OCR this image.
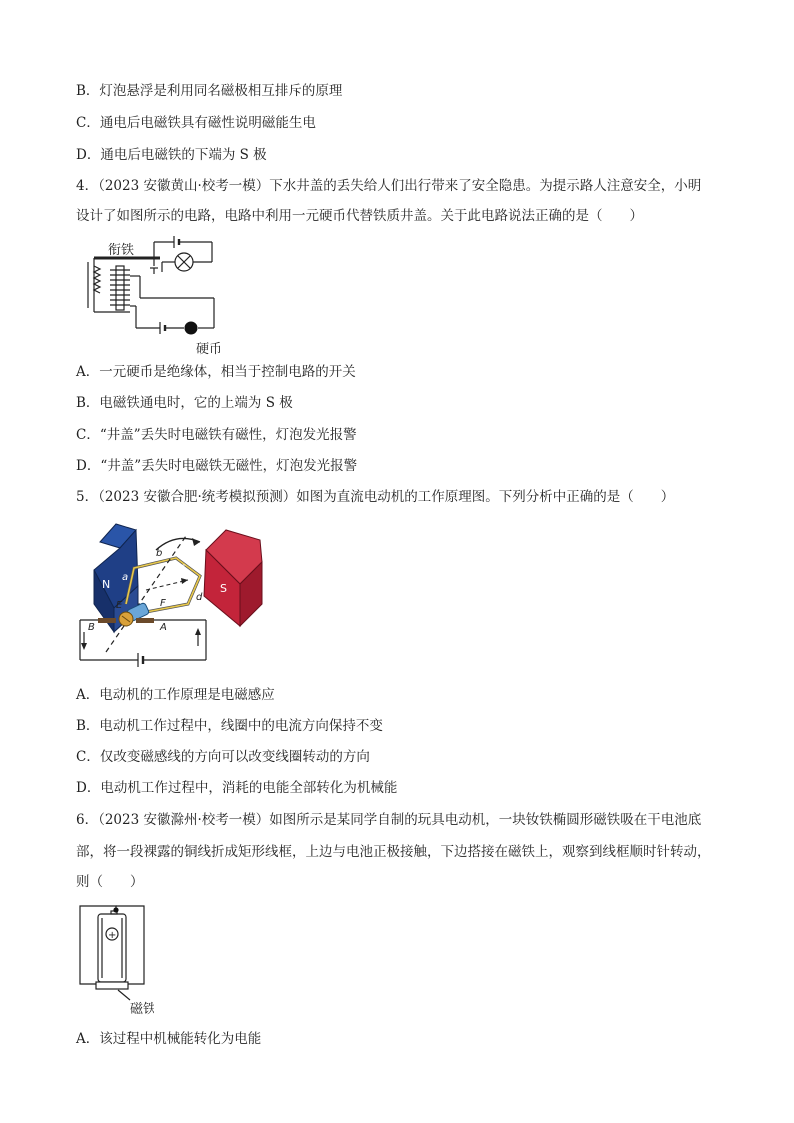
B．灯泡悬浮是利用同名磁极相互排斥的原理
C．通电后电磁铁具有磁性说明磁能生电
D．通电后电磁铁的下端为 S 极
4．（2023 安徽黄山·校考一模）下水井盖的丢失给人们出行带来了安全隐患。为提示路人注意安全，小明
设计了如图所示的电路，电路中利用一元硬币代替铁质井盖。关于此电路说法正确的是（　　）
衔铁
硬币
A．一元硬币是绝缘体，相当于控制电路的开关
B．电磁铁通电时，它的上端为 S 极
C．“井盖”丢失时电磁铁有磁性，灯泡发光报警
D．“井盖”丢失时电磁铁无磁性，灯泡发光报警
5．（2023 安徽合肥·统考模拟预测）如图为直流电动机的工作原理图。下列分析中正确的是（　　）
N	S
a
b
c
d
E	F
A
B
A．电动机的工作原理是电磁感应
B．电动机工作过程中，线圈中的电流方向保持不变
C．仅改变磁感线的方向可以改变线圈转动的方向
D．电动机工作过程中，消耗的电能全部转化为机械能
6．（2023 安徽滁州·校考一模）如图所示是某同学自制的玩具电动机，一块钕铁椭圆形磁铁吸在干电池底
部，将一段裸露的铜线折成矩形线框，上边与电池正极接触，下边搭接在磁铁上，观察到线框顺时针转动，
则（　　）
+
磁铁
A．该过程中机械能转化为电能
